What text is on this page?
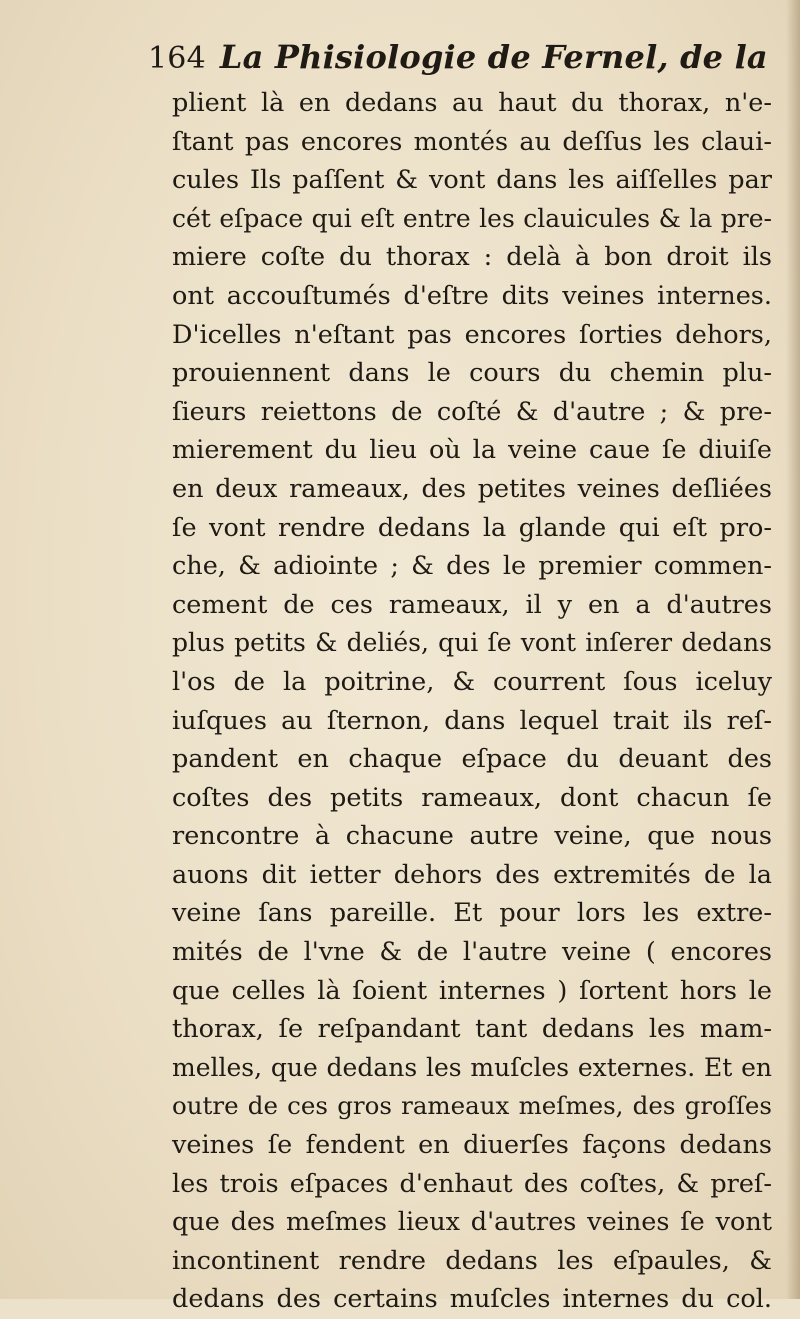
164 La Phisiologie de Fernel, de la
plient là en dedans au haut du thorax, n'e-
ſtant pas encores montés au deſſus les claui-
cules Ils paſſent & vont dans les aiſſelles par
cét eſpace qui eſt entre les clauicules & la pre-
miere coſte du thorax : delà à bon droit ils
ont accouſtumés d'eſtre dits veines internes.
D'icelles n'eſtant pas encores ſorties dehors,
prouiennent dans le cours du chemin plu-
ſieurs reiettons de coſté & d'autre ; & pre-
mierement du lieu où la veine caue ſe diuiſe
en deux rameaux, des petites veines deſliées
ſe vont rendre dedans la glande qui eſt pro-
che, & adiointe ; & des le premier commen-
cement de ces rameaux, il y en a d'autres
plus petits & deliés, qui ſe vont inſerer dedans
l'os de la poitrine, & courrent ſous iceluy
iuſques au ſternon, dans lequel trait ils reſ-
pandent en chaque eſpace du deuant des
coſtes des petits rameaux, dont chacun ſe
rencontre à chacune autre veine, que nous
auons dit ietter dehors des extremités de la
veine ſans pareille. Et pour lors les extre-
mités de l'vne & de l'autre veine ( encores
que celles là ſoient internes ) ſortent hors le
thorax, ſe reſpandant tant dedans les mam-
melles, que dedans les muſcles externes. Et en
outre de ces gros rameaux meſmes, des groſſes
veines ſe fendent en diuerſes façons dedans
les trois eſpaces d'enhaut des coſtes, & preſ-
que des meſmes lieux d'autres veines ſe vont
incontinent rendre dedans les eſpaules, &
dedans des certains muſcles internes du col.
